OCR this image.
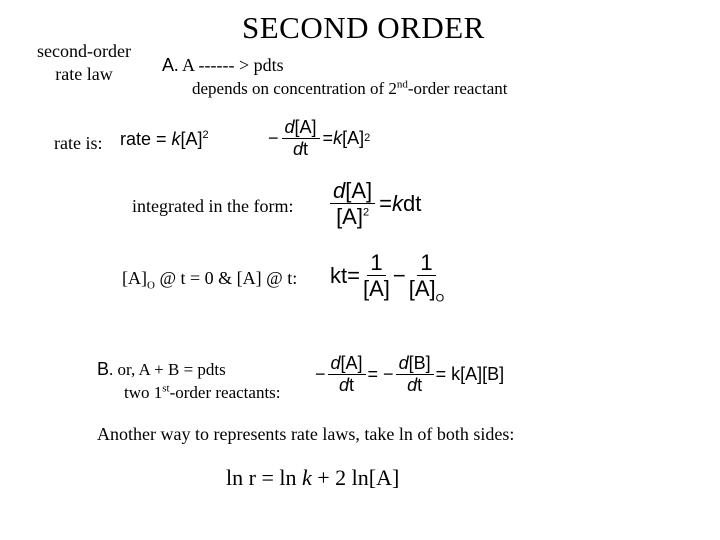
SECOND ORDER
second-order
rate law	A. A ------ > pdts
depends on concentration of 2nd-order reactant
rate is: rate = $k[A]^2$	− $\frac{d[A]}{dt} = k$ [A] 2
integrated in the form: $\frac{d[A]}{[A]^2} = k$ dt
$[A]_O$ @ t = 0 & [A] @ t: kt = $\frac{1}{[A]} - \frac{1}{[A]_O}$
B. or, A + B = pdts
two 1st-order reactants:
− $\frac{d[A]}{dt}$ = − $\frac{d[B]}{dt} = k[A][B]$
Another way to represents rate laws, take ln of both sides:
ln r = ln k + 2 ln[A]
